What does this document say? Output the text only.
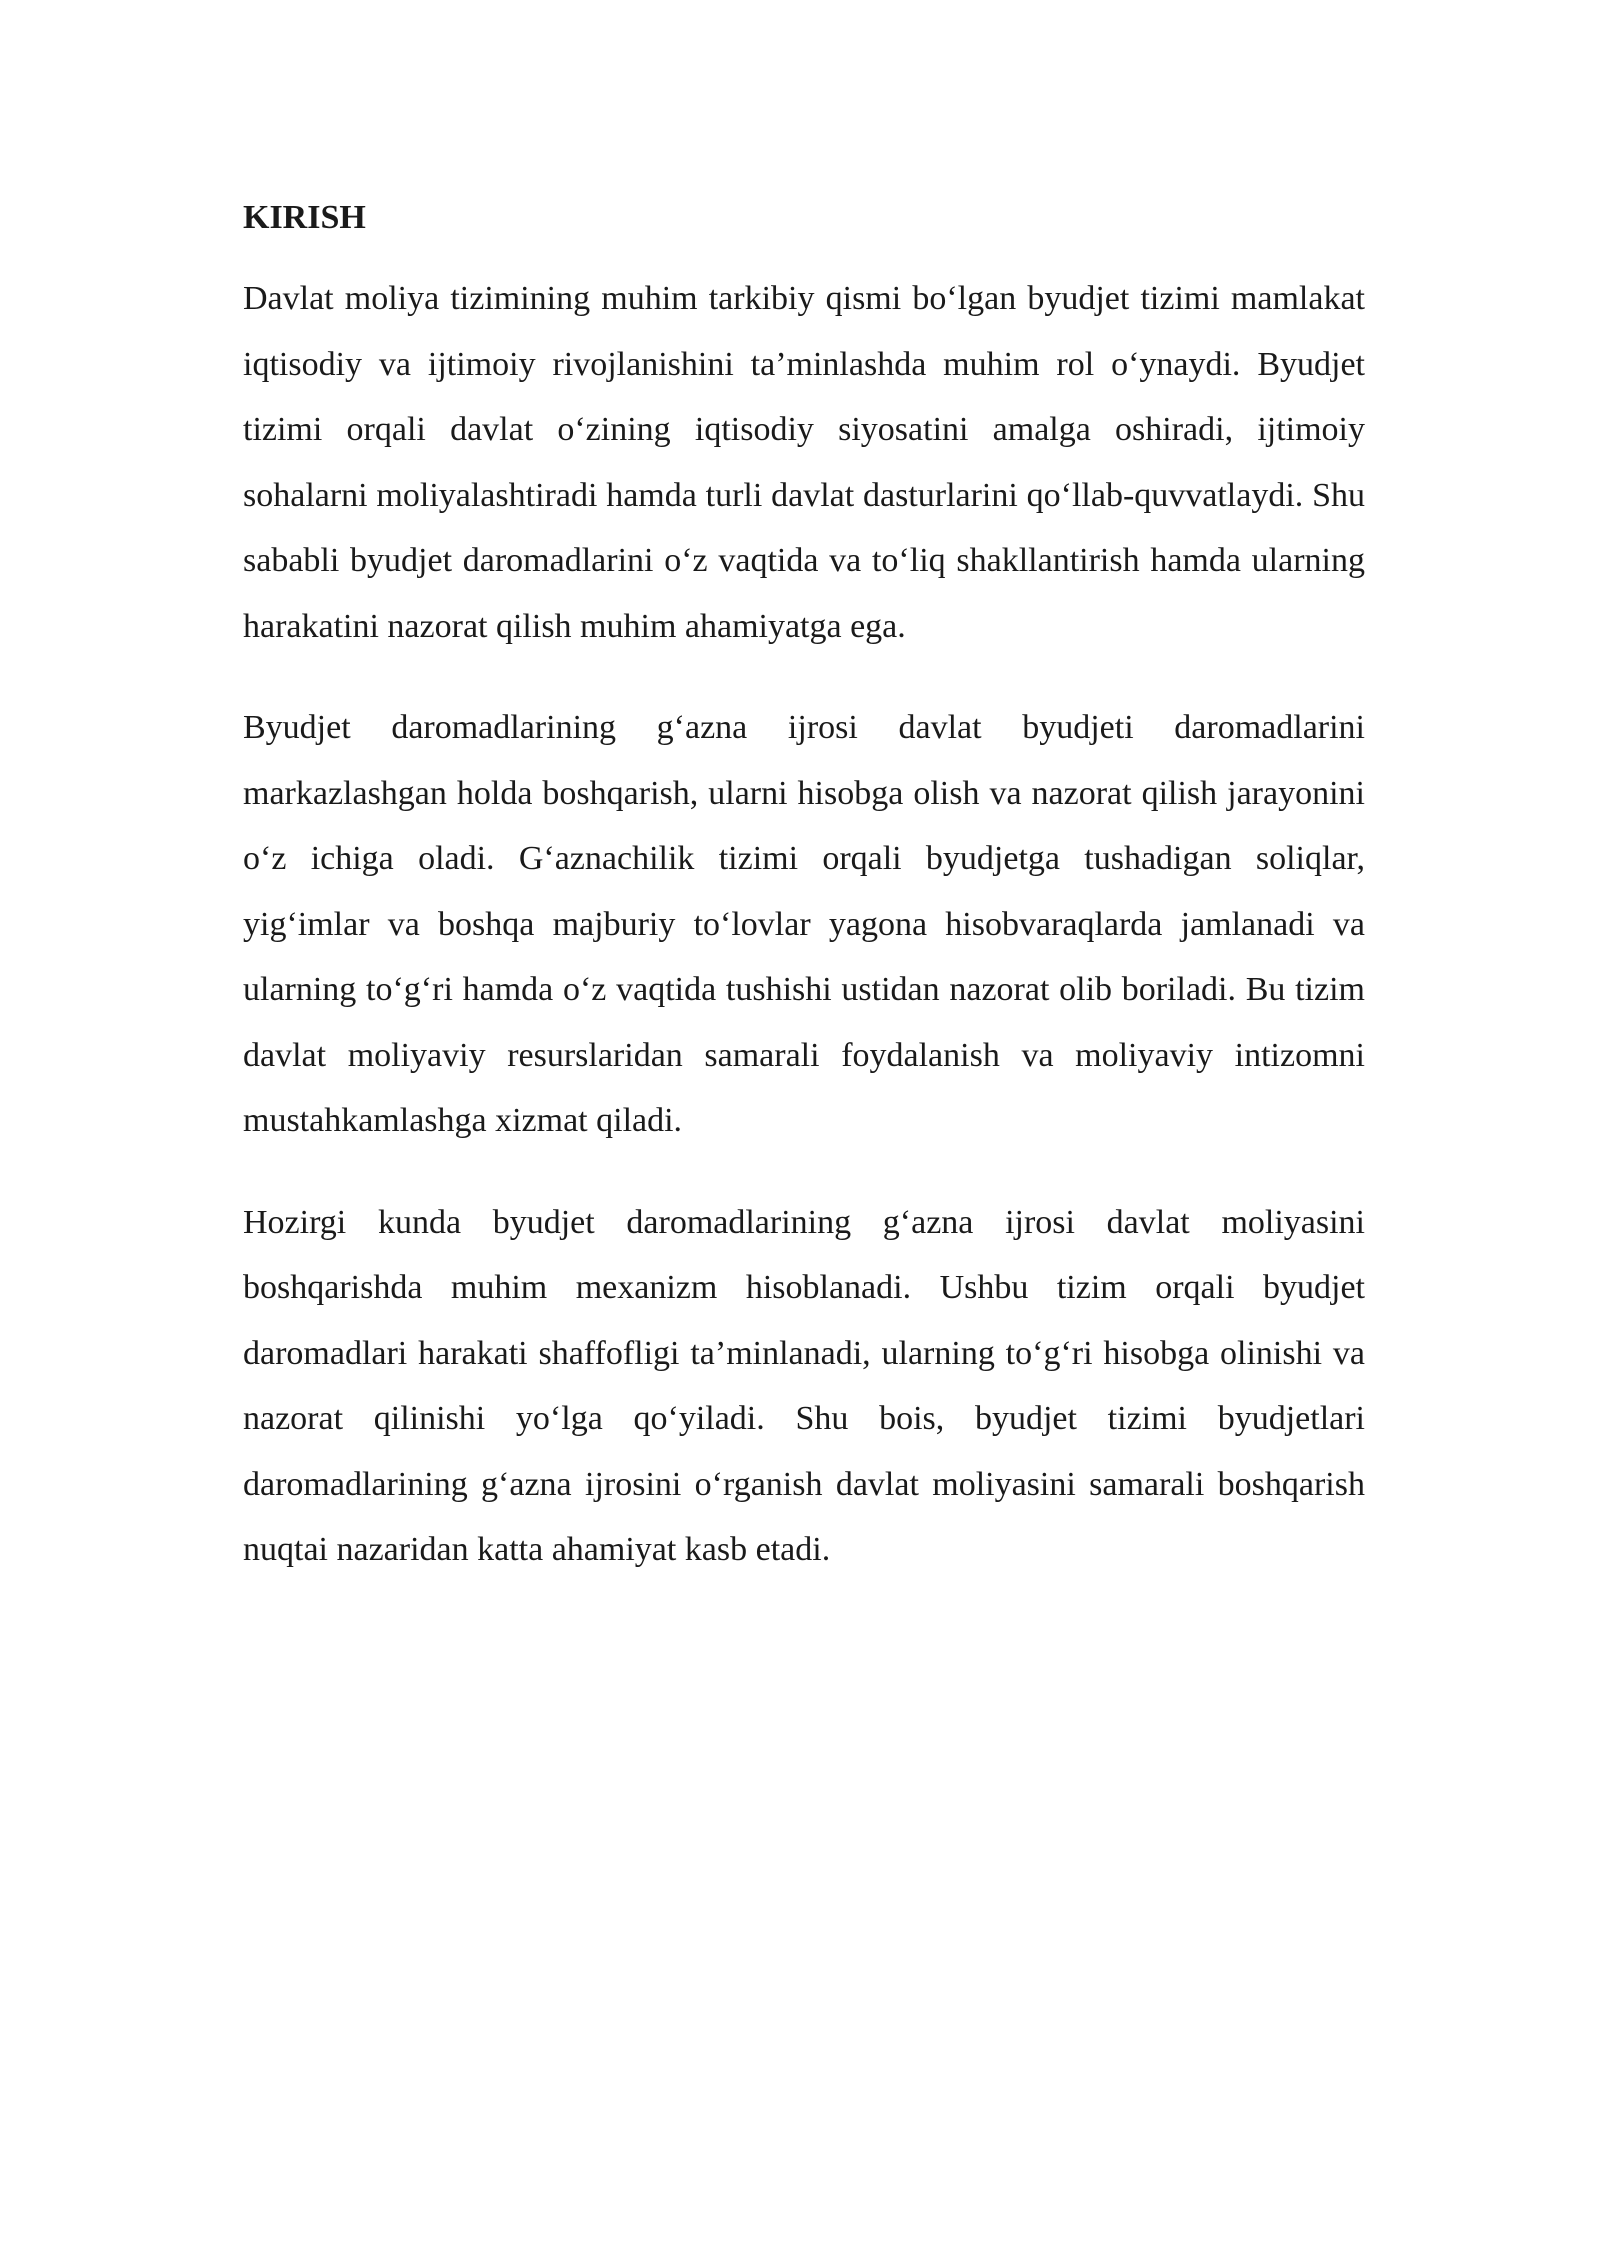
KIRISH

Davlat moliya tizimining muhim tarkibiy qismi bo‘lgan byudjet tizimi mamlakat iqtisodiy va ijtimoiy rivojlanishini ta’minlashda muhim rol o‘ynaydi. Byudjet tizimi orqali davlat o‘zining iqtisodiy siyosatini amalga oshiradi, ijtimoiy sohalarni moliyalashtiradi hamda turli davlat dasturlarini qo‘llab-quvvatlaydi. Shu sababli byudjet daromadlarini o‘z vaqtida va to‘liq shakllantirish hamda ularning harakatini nazorat qilish muhim ahamiyatga ega.

Byudjet daromadlarining g‘azna ijrosi davlat byudjeti daromadlarini markazlashgan holda boshqarish, ularni hisobga olish va nazorat qilish jarayonini o‘z ichiga oladi. G‘aznachilik tizimi orqali byudjetga tushadigan soliqlar, yig‘imlar va boshqa majburiy to‘lovlar yagona hisobvaraqlarda jamlanadi va ularning to‘g‘ri hamda o‘z vaqtida tushishi ustidan nazorat olib boriladi. Bu tizim davlat moliyaviy resurslaridan samarali foydalanish va moliyaviy intizomni mustahkamlashga xizmat qiladi.

Hozirgi kunda byudjet daromadlarining g‘azna ijrosi davlat moliyasini boshqarishda muhim mexanizm hisoblanadi. Ushbu tizim orqali byudjet daromadlari harakati shaffofligi ta’minlanadi, ularning to‘g‘ri hisobga olinishi va nazorat qilinishi yo‘lga qo‘yiladi. Shu bois, byudjet tizimi byudjetlari daromadlarining g‘azna ijrosini o‘rganish davlat moliyasini samarali boshqarish nuqtai nazaridan katta ahamiyat kasb etadi.
